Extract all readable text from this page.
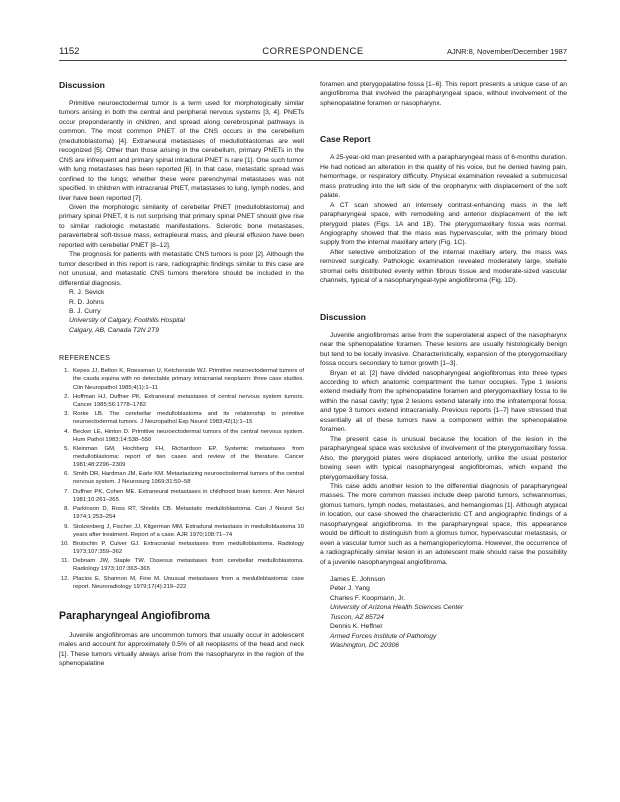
1152	CORRESPONDENCE	AJNR:8, November/December 1987
Discussion

Primitive neuroectodermal tumor is a term used for morphologically similar tumors arising in both the central and peripheral nervous systems [3, 4]. PNETs occur preponderantly in children, and spread along cerebrospinal pathways is common. The most common PNET of the CNS occurs in the cerebellum (medulloblastoma) [4]. Extraneural metastases of medulloblastomas are well recognized [5]. Other than those arising in the cerebellum, primary PNETs in the CNS are infrequent and primary spinal intradural PNET is rare [1]. One such tumor with lung metastases has been reported [6]. In that case, metastatic spread was confined to the lungs; whether these were parenchymal metastases was not specified. In children with intracranial PNET, metastases to lung, lymph nodes, and liver have been reported [7].

Given the morphologic similarity of cerebellar PNET (medulloblastoma) and primary spinal PNET, it is not surprising that primary spinal PNET should give rise to similar radiologic metastatic manifestations. Sclerotic bone metastases, paravertebral soft-tissue mass, extrapleural mass, and pleural effusion have been reported with cerebellar PNET [8–12].

The prognosis for patients with metastatic CNS tumors is poor [2]. Although the tumor described in this report is rare, radiographic findings similar to this case are not unusual, and metastatic CNS tumors therefore should be included in the differential diagnosis.

R. J. Sevick

R. D. Johns

B. J. Curry

University of Calgary, Foothills Hospital

Calgary, AB, Canada T2N 2T9

REFERENCES
1. Kepes JJ, Belton K, Roessman U, Ketcherside WJ. Primitive neuroectodermal tumors of the cauda equina with no detectable primary intracranial neoplasm: three case studies. Clin Neuropathol 1985;4(1):1–11
2. Hoffman HJ, Duffner PK. Extraneural metastases of central nervous system tumors. Cancer 1985;56:1778–1782
3. Rorke LB. The cerebellar medulloblastoma and its relationship to primitive neuroectodermal tumors. J Neuropathol Exp Neurol 1983;42(1):1–15
4. Becker LE, Hinton D. Primitive neuroectodermal tumors of the central nervous system. Hum Pathol 1983;14:538–550
5. Kleinman GM, Hochberg FH, Richardson EP. Systemic metastases from medulloblastoma: report of two cases and review of the literature. Cancer 1981;48:2296–2309
6. Smith DR, Hardman JM, Earle KM. Metastasizing neuroectodermal tumors of the central nervous system. J Neurosurg 1969;31:50–58
7. Duffner PK, Cohen ME. Extraneural metastases in childhood brain tumors. Ann Neurol 1981;10:261–265
8. Parkinson D, Ross RT, Shields CB. Metastatic medulloblastoma. Can J Neurol Sci 1974;1:253–254
9. Stolzenberg J, Fischer JJ, Kligerman MM. Extradural metastasis in medulloblastoma 10 years after treatment. Report of a case. AJR 1970;108:71–74
10. Brutschin P, Culver GJ. Extracranial metastases from medulloblastoma. Radiology 1973;107:359–362
11. Debnam JW, Staple TW. Osseous metastases from cerebellar medulloblastoma. Radiology 1973;107:363–365
12. Placios E, Shannon M, Fine M. Unusual metastases from a medulloblastoma: case report. Neuroradiology 1979;17(4):219–222
Parapharyngeal Angiofibroma

Juvenile angiofibromas are uncommon tumors that usually occur in adolescent males and account for approximately 0.5% of all neoplasms of the head and neck [1]. These tumors virtually always arise from the nasopharynx in the region of the sphenopalatine

foramen and pterygopalatine fossa [1–6]. This report presents a unique case of an angiofibroma that involved the parapharyngeal space, without involvement of the sphenopalatine foramen or nasopharynx.

Case Report

A 25-year-old man presented with a parapharyngeal mass of 6-months duration. He had noticed an alteration in the quality of his voice, but he denied having pain, hemorrhage, or respiratory difficulty. Physical examination revealed a submucosal mass protruding into the left side of the oropharynx with displacement of the soft palate.

A CT scan showed an intensely contrast-enhancing mass in the left parapharyngeal space, with remodeling and anterior displacement of the left pterygoid plates (Figs. 1A and 1B). The pterygomaxillary fossa was normal. Angiography showed that the mass was hypervascular, with the primary blood supply from the internal maxillary artery (Fig. 1C).

After selective embolization of the internal maxillary artery, the mass was removed surgically. Pathologic examination revealed moderately large, stellate stromal cells distributed evenly within fibrous tissue and moderate-sized vascular channels, typical of a nasopharyngeal-type angiofibroma (Fig. 1D).

Discussion

Juvenile angiofibromas arise from the superolateral aspect of the nasopharynx near the sphenopalatine foramen. These lesions are usually histologically benign but tend to be locally invasive. Characteristically, expansion of the pterygomaxillary fossa occurs secondary to tumor growth [1–3].

Bryan et al. [2] have divided nasopharyngeal angiofibromas into three types according to which anatomic compartment the tumor occupies. Type 1 lesions extend medially from the sphenopalatine foramen and pterygomaxillary fossa to lie within the nasal cavity; type 2 lesions extend laterally into the infratemporal fossa; and type 3 tumors extend intracranially. Previous reports [1–7] have stressed that essentially all of these tumors have a component within the sphenopalatine foramen.

The present case is unusual because the location of the lesion in the parapharyngeal space was exclusive of involvement of the pterygomaxillary fossa. Also, the pterygoid plates were displaced anteriorly, unlike the usual posterior bowing seen with typical nasopharyngeal angiofibromas, which expand the pterygomaxillary fossa.

This case adds another lesion to the differential diagnosis of parapharyngeal masses. The more common masses include deep parotid tumors, schwannomas, glomus tumors, lymph nodes, metastases, and hemangiomas [1]. Although atypical in location, our case showed the characteristic CT and angiographic findings of a nasopharyngeal angiofibroma. In the parapharyngeal space, this appearance would be difficult to distinguish from a glomus tumor, hypervascular metastasis, or even a vascular tumor such as a hemangiopericytoma. However, the occurrence of a radiographically similar lesion in an adolescent male should raise the possibility of a juvenile nasopharyngeal angiofibroma.

James E. Johnson

Peter J. Yang

Charles F. Koopmann, Jr.

University of Arizona Health Sciences Center

Tuscon, AZ 85724

Dennis K. Heffner

Armed Forces Institute of Pathology

Washington, DC 20306
